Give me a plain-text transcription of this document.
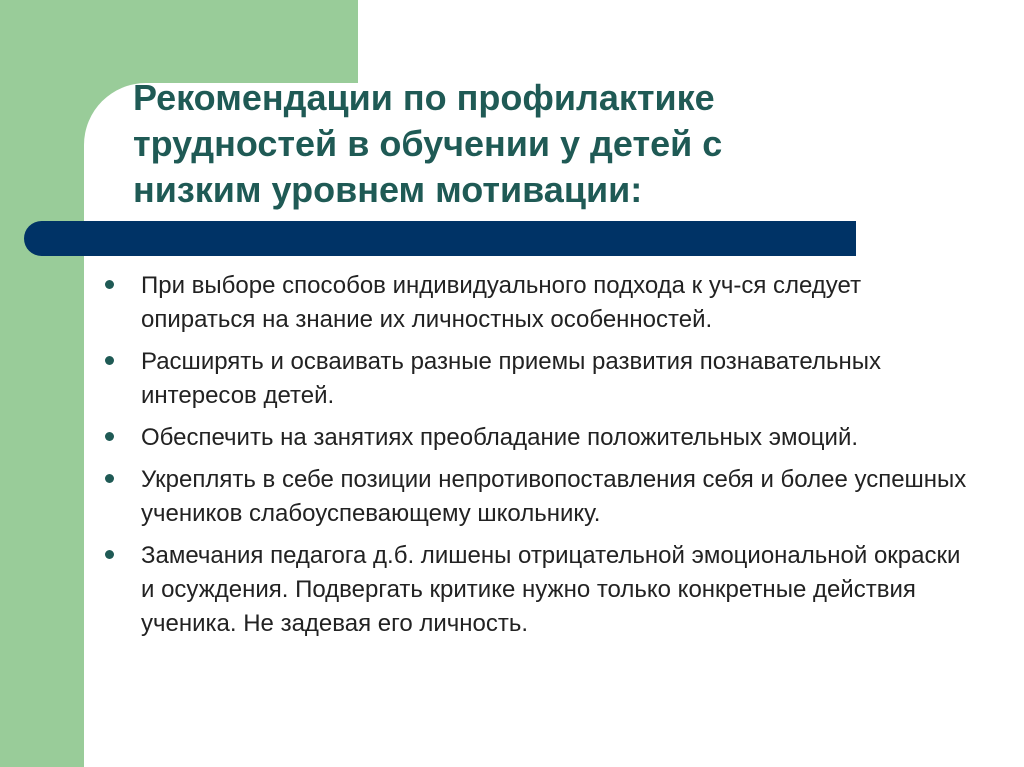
Рекомендации по профилактике трудностей в обучении у детей с низким уровнем мотивации:
При выборе способов индивидуального подхода к уч-ся следует опираться на знание их личностных особенностей.
Расширять и осваивать разные приемы развития познавательных интересов детей.
Обеспечить на занятиях преобладание положительных эмоций.
Укреплять в себе позиции непротивопоставления себя и более успешных учеников слабоуспевающему школьнику.
Замечания педагога д.б. лишены отрицательной эмоциональной окраски и осуждения. Подвергать критике нужно только конкретные действия ученика. Не задевая его личность.
